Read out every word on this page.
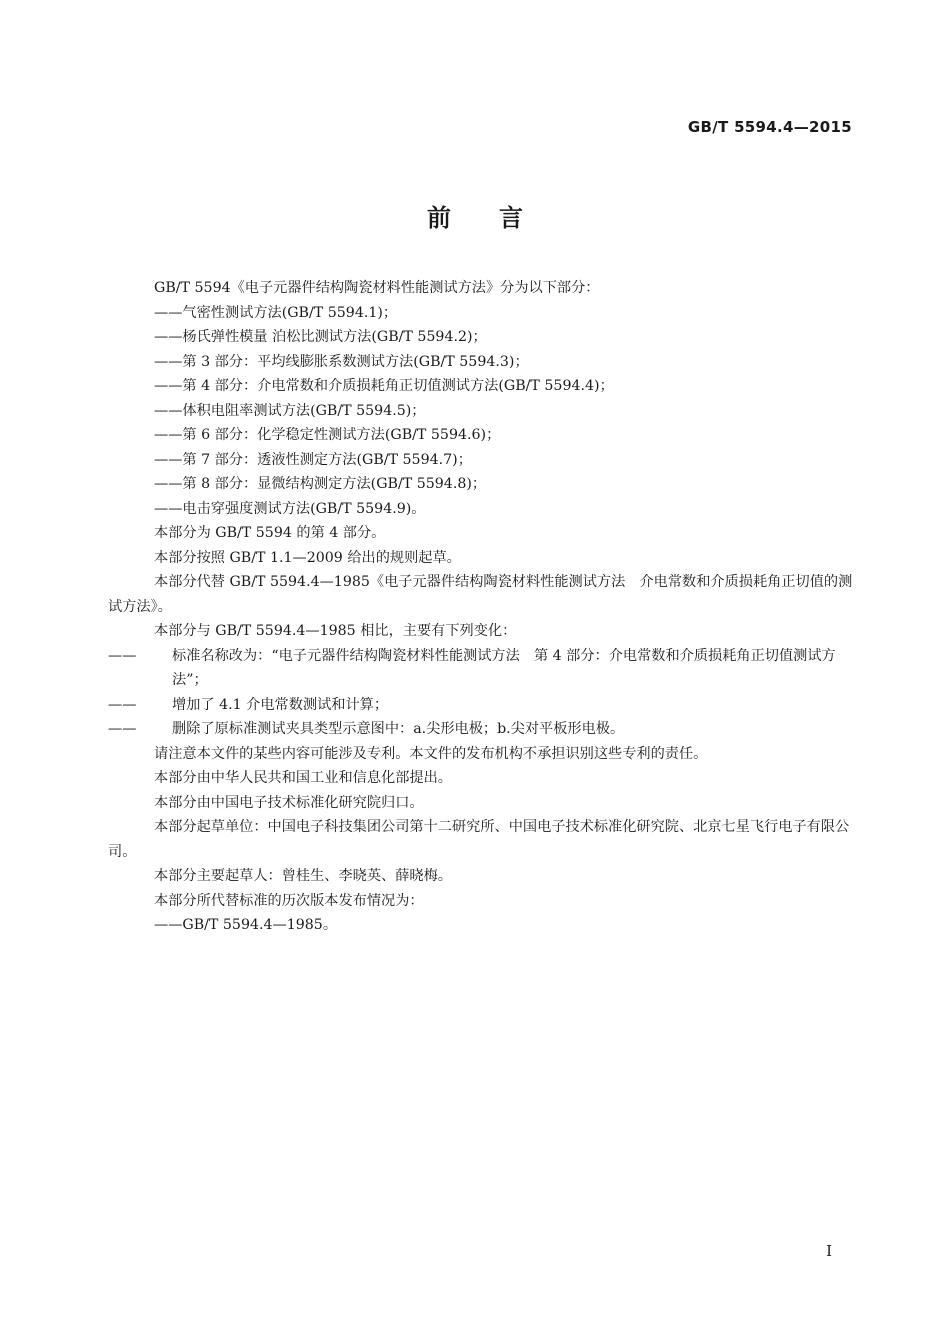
GB/T 5594.4—2015
前言

GB/T 5594《电子元器件结构陶瓷材料性能测试方法》分为以下部分：

——气密性测试方法(GB/T 5594.1)；

——杨氏弹性模量 泊松比测试方法(GB/T 5594.2)；

——第 3 部分：平均线膨胀系数测试方法(GB/T 5594.3)；

——第 4 部分：介电常数和介质损耗角正切值测试方法(GB/T 5594.4)；

——体积电阻率测试方法(GB/T 5594.5)；

——第 6 部分：化学稳定性测试方法(GB/T 5594.6)；

——第 7 部分：透液性测定方法(GB/T 5594.7)；

——第 8 部分：显微结构测定方法(GB/T 5594.8)；

——电击穿强度测试方法(GB/T 5594.9)。

本部分为 GB/T 5594 的第 4 部分。

本部分按照 GB/T 1.1—2009 给出的规则起草。

本部分代替 GB/T 5594.4—1985《电子元器件结构陶瓷材料性能测试方法　介电常数和介质损耗角正切值的测试方法》。

本部分与 GB/T 5594.4—1985 相比，主要有下列变化：

——	标准名称改为：“电子元器件结构陶瓷材料性能测试方法　第 4 部分：介电常数和介质损耗角正切值测试方法”；

——	增加了 4.1 介电常数测试和计算；

——	删除了原标准测试夹具类型示意图中：a.尖形电极；b.尖对平板形电极。

请注意本文件的某些内容可能涉及专利。本文件的发布机构不承担识别这些专利的责任。

本部分由中华人民共和国工业和信息化部提出。

本部分由中国电子技术标准化研究院归口。

本部分起草单位：中国电子科技集团公司第十二研究所、中国电子技术标准化研究院、北京七星飞行电子有限公司。

本部分主要起草人：曾桂生、李晓英、薛晓梅。

本部分所代替标准的历次版本发布情况为：

——GB/T 5594.4—1985。

I
